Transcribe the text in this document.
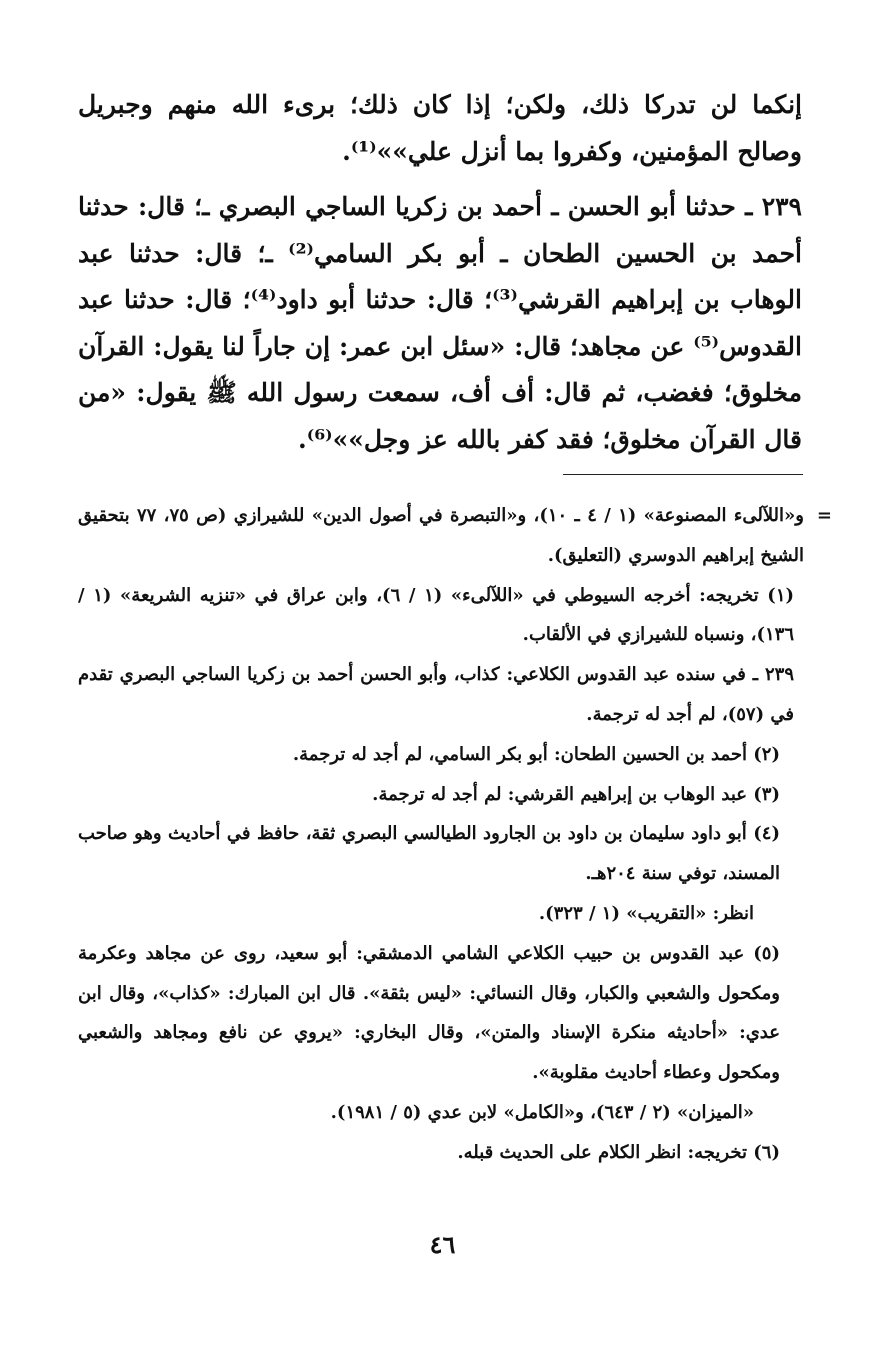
إنكما لن تدركا ذلك، ولكن؛ إذا كان ذلك؛ برىء الله منهم وجبريل وصالح المؤمنين، وكفروا بما أنزل علي»»⁽¹⁾.

٢٣٩ ـ حدثنا أبو الحسن ـ أحمد بن زكريا الساجي البصري ـ؛ قال: حدثنا أحمد بن الحسين الطحان ـ أبو بكر السامي⁽²⁾ ـ؛ قال: حدثنا عبد الوهاب بن إبراهيم القرشي⁽³⁾؛ قال: حدثنا أبو داود⁽⁴⁾؛ قال: حدثنا عبد القدوس⁽⁵⁾ عن مجاهد؛ قال: «سئل ابن عمر: إن جاراً لنا يقول: القرآن مخلوق؛ فغضب، ثم قال: أف أف، سمعت رسول الله ﷺ يقول: «من قال القرآن مخلوق؛ فقد كفر بالله عز وجل»»⁽⁶⁾.

=
و«اللآلىء المصنوعة» (١ / ٤ ـ ١٠)، و«التبصرة في أصول الدين» للشيرازي (ص ٧٥، ٧٧ بتحقيق الشيخ إبراهيم الدوسري (التعليق).

(١) تخريجه: أخرجه السيوطي في «اللآلىء» (١ / ٦)، وابن عراق في «تنزيه الشريعة» (١ / ١٣٦)، ونسباه للشيرازي في الألقاب.

٢٣٩ ـ في سنده عبد القدوس الكلاعي: كذاب، وأبو الحسن أحمد بن زكريا الساجي البصري تقدم في (٥٧)، لم أجد له ترجمة.

(٢) أحمد بن الحسين الطحان: أبو بكر السامي، لم أجد له ترجمة.

(٣) عبد الوهاب بن إبراهيم القرشي: لم أجد له ترجمة.

(٤) أبو داود سليمان بن داود بن الجارود الطيالسي البصري ثقة، حافظ في أحاديث وهو صاحب المسند، توفي سنة ٢٠٤هـ.

انظر: «التقريب» (١ / ٣٢٣).

(٥) عبد القدوس بن حبيب الكلاعي الشامي الدمشقي: أبو سعيد، روى عن مجاهد وعكرمة ومكحول والشعبي والكبار، وقال النسائي: «ليس بثقة». قال ابن المبارك: «كذاب»، وقال ابن عدي: «أحاديثه منكرة الإسناد والمتن»، وقال البخاري: «يروي عن نافع ومجاهد والشعبي ومكحول وعطاء أحاديث مقلوبة».

«الميزان» (٢ / ٦٤٣)، و«الكامل» لابن عدي (٥ / ١٩٨١).

(٦) تخريجه: انظر الكلام على الحديث قبله.

٤٦
